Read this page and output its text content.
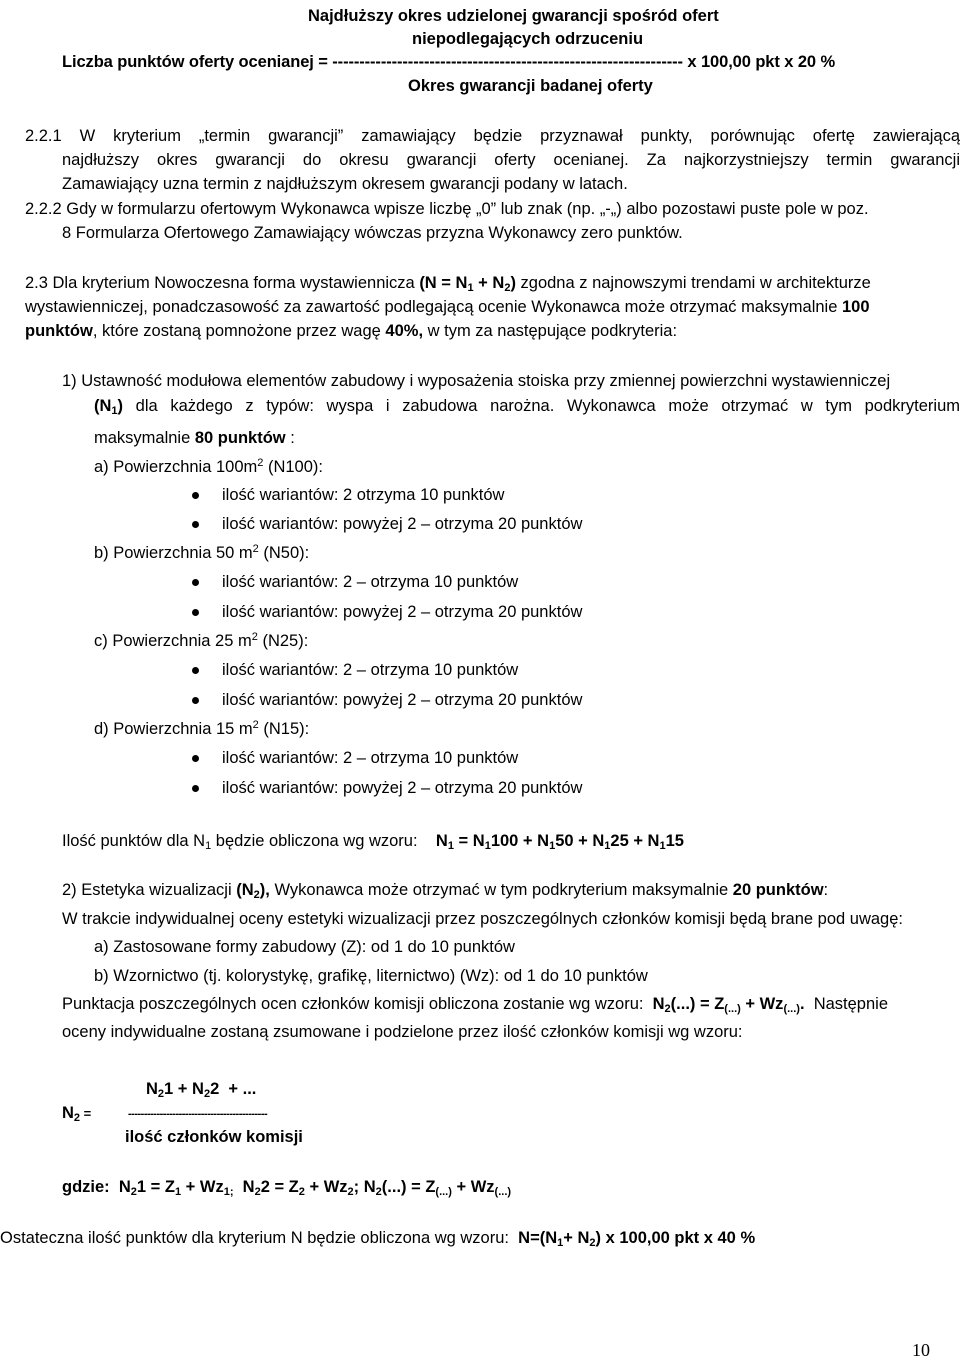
Najdłuższy okres udzielonej gwarancji spośród ofert
niepodlegających odrzuceniu
Liczba punktów oferty ocenianej = ----------------------------------------------------------------- x 100,00 pkt x 20 %
Okres gwarancji badanej oferty
2.2.1 W kryterium „termin gwarancji” zamawiający będzie przyznawał punkty, porównując ofertę zawierającą
najdłuższy okres gwarancji do okresu gwarancji oferty ocenianej. Za najkorzystniejszy termin gwarancji
Zamawiający uzna termin z najdłuższym okresem gwarancji podany w latach.
2.2.2 Gdy w formularzu ofertowym Wykonawca wpisze liczbę „0” lub znak (np. „-„) albo pozostawi puste pole w poz.
8 Formularza Ofertowego Zamawiający wówczas przyzna Wykonawcy zero punktów.
2.3 Dla kryterium Nowoczesna forma wystawiennicza $(N = N_1 + N_2)$ zgodna z najnowszymi trendami w architekturze
wystawienniczej, ponadczasowość za zawartość podlegającą ocenie Wykonawca może otrzymać maksymalnie 100
punktów, które zostaną pomnożone przez wagę 40%, w tym za następujące podkryteria:
1) Ustawność modułowa elementów zabudowy i wyposażenia stoiska przy zmiennej powierzchni wystawienniczej
$(N_1)$ dla każdego z typów: wyspa i zabudowa narożna. Wykonawca może otrzymać w tym podkryterium
maksymalnie 80 punktów :
a) Powierzchnia $100m^2$ (N100):
ilość wariantów: 2 otrzyma 10 punktów
ilość wariantów: powyżej 2 – otrzyma 20 punktów
b) Powierzchnia 50 $m^2$ (N50):
ilość wariantów: 2 – otrzyma 10 punktów
ilość wariantów: powyżej 2 – otrzyma 20 punktów
c) Powierzchnia 25 $m^2$ (N25):
ilość wariantów: 2 – otrzyma 10 punktów
ilość wariantów: powyżej 2 – otrzyma 20 punktów
d) Powierzchnia 15 $m^2$ (N15):
ilość wariantów: 2 – otrzyma 10 punktów
ilość wariantów: powyżej 2 – otrzyma 20 punktów
Ilość punktów dla $N_1$ będzie obliczona wg wzoru:    $N_1 = N_1100 + N_150 + N_125 + N_115$
2) Estetyka wizualizacji $(N_2)$, Wykonawca może otrzymać w tym podkryterium maksymalnie 20 punktów:
W trakcie indywidualnej oceny estetyki wizualizacji przez poszczególnych członków komisji będą brane pod uwagę:
a) Zastosowane formy zabudowy (Z): od 1 do 10 punktów
b) Wzornictwo (tj. kolorystykę, grafikę, liternictwo) (Wz): od 1 do 10 punktów
Punktacja poszczególnych ocen członków komisji obliczona zostanie wg wzoru:  $N_2(...) = Z_{(...)} + Wz_{(...)}$.  Następnie
oceny indywidualne zostaną zsumowane i podzielone przez ilość członków komisji wg wzoru:
$N_21 + N_22$  + ...
$N_2$ =	--------------------------------------------
ilość członków komisji
gdzie:  $N_21 = Z_1 + Wz_{1;}$  $N_22 = Z_2 + Wz_2$; $N_2(...) = Z_{(...)} + Wz_{(...)}$
Ostateczna ilość punktów dla kryterium N będzie obliczona wg wzoru:  $N=(N_1+ N_2)$ x 100,00 pkt x 40 %
10
